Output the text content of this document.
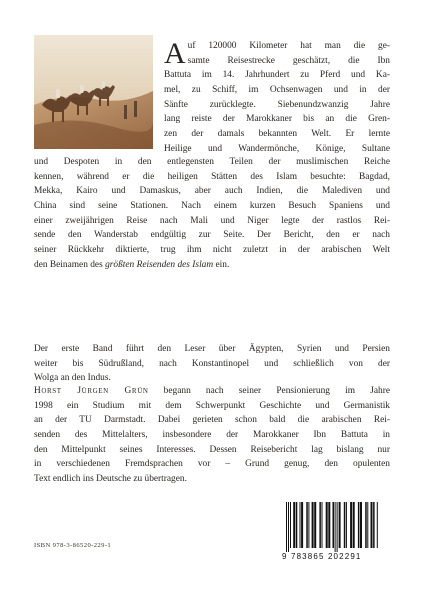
A uf 120000 Kilometer hat man die ge-
samte Reisestrecke geschätzt, die Ibn
Battuta im 14. Jahrhundert zu Pferd und Ka-
mel, zu Schiff, im Ochsenwagen und in der
Sänfte zurücklegte. Siebenundzwanzig Jahre
lang reiste der Marokkaner bis an die Gren-
zen der damals bekannten Welt. Er lernte
Heilige und Wandermönche, Könige, Sultane

und Despoten in den entlegensten Teilen der muslimischen Reiche
kennen, während er die heiligen Stätten des Islam besuchte: Bagdad,
Mekka, Kairo und Damaskus, aber auch Indien, die Malediven und
China sind seine Stationen. Nach einem kurzen Besuch Spaniens und
einer zweijährigen Reise nach Mali und Niger legte der rastlos Rei-
sende den Wanderstab endgültig zur Seite. Der Bericht, den er nach
seiner Rückkehr diktierte, trug ihm nicht zuletzt in der arabischen Welt
den Beinamen des größten Reisenden des Islam ein.

Der erste Band führt den Leser über Ägypten, Syrien und Persien
weiter bis Südrußland, nach Konstantinopel und schließlich von der
Wolga an den Indus.

Horst Jürgen Grün begann nach seiner Pensionierung im Jahre
1998 ein Studium mit dem Schwerpunkt Geschichte und Germanistik
an der TU Darmstadt. Dabei gerieten schon bald die arabischen Rei-
senden des Mittelalters, insbesondere der Marokkaner Ibn Battuta in
den Mittelpunkt seines Interesses. Dessen Reisebericht lag bislang nur
in verschiedenen Fremdsprachen vor – Grund genug, den opulenten
Text endlich ins Deutsche zu übertragen.

ISBN 978-3-86520-229-1
9 783865 202291
